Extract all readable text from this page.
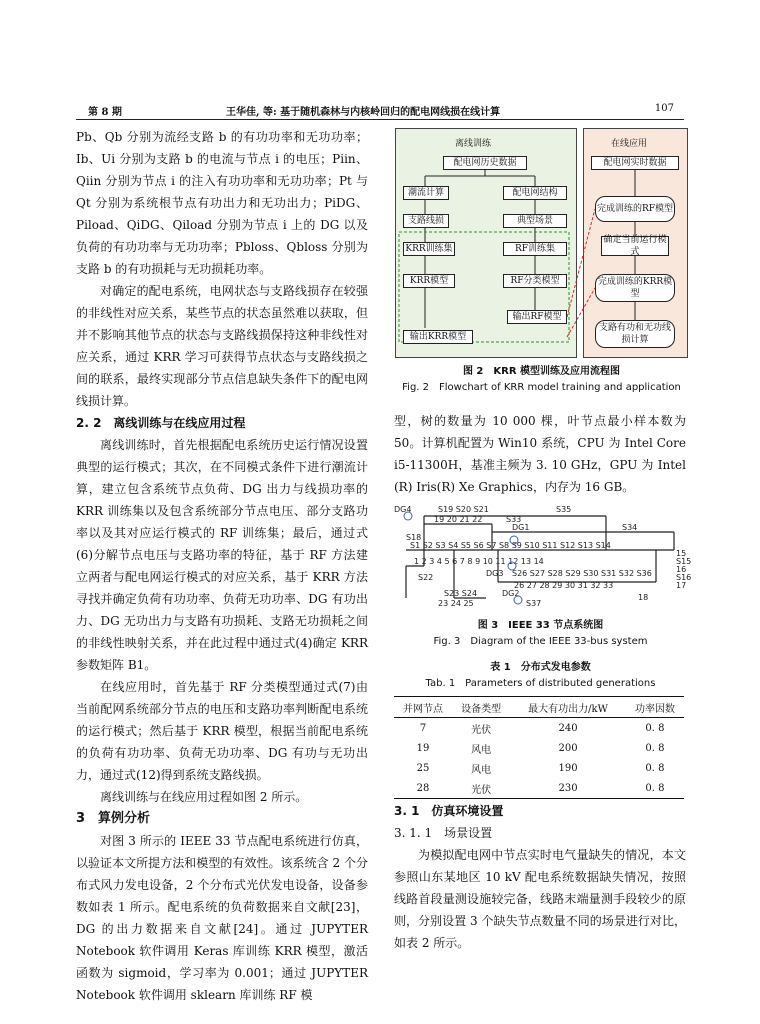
第 8 期	王华佳, 等: 基于随机森林与内核岭回归的配电网线损在线计算	107

Pb、Qb 分别为流经支路 b 的有功功率和无功功率；Ib、Ui 分别为支路 b 的电流与节点 i 的电压；Piin、Qiin 分别为节点 i 的注入有功功率和无功功率；Pt 与 Qt 分别为系统根节点有功出力和无功出力；PiDG、Piload、QiDG、Qiload 分别为节点 i 上的 DG 以及负荷的有功功率与无功功率；Pbloss、Qbloss 分别为支路 b 的有功损耗与无功损耗功率。

对确定的配电系统，电网状态与支路线损存在较强的非线性对应关系，某些节点的状态虽然难以获取，但并不影响其他节点的状态与支路线损保持这种非线性对应关系，通过 KRR 学习可获得节点状态与支路线损之间的联系，最终实现部分节点信息缺失条件下的配电网线损计算。

2. 2　离线训练与在线应用过程

离线训练时，首先根据配电系统历史运行情况设置典型的运行模式；其次，在不同模式条件下进行潮流计算，建立包含系统节点负荷、DG 出力与线损功率的 KRR 训练集以及包含系统部分节点电压、部分支路功率以及其对应运行模式的 RF 训练集；最后，通过式(6)分解节点电压与支路功率的特征，基于 RF 方法建立两者与配电网运行模式的对应关系，基于 KRR 方法寻找并确定负荷有功功率、负荷无功功率、DG 有功出力、DG 无功出力与支路有功损耗、支路无功损耗之间的非线性映射关系，并在此过程中通过式(4)确定 KRR 参数矩阵 B1。

在线应用时，首先基于 RF 分类模型通过式(7)由当前配网系统部分节点的电压和支路功率判断配电系统的运行模式；然后基于 KRR 模型，根据当前配电系统的负荷有功功率、负荷无功功率、DG 有功与无功出力，通过式(12)得到系统支路线损。

离线训练与在线应用过程如图 2 所示。

3　算例分析

对图 3 所示的 IEEE 33 节点配电系统进行仿真，以验证本文所提方法和模型的有效性。该系统含 2 个分布式风力发电设备，2 个分布式光伏发电设备，设备参数如表 1 所示。配电系统的负荷数据来自文献[23]，DG 的出力数据来自文献[24]。通过 JUPYTER Notebook 软件调用 Keras 库训练 KRR 模型，激活函数为 sigmoid，学习率为 0.001；通过 JUPYTER Notebook 软件调用 sklearn 库训练 RF 模

离线训练	在线应用
配电网历史数据
潮流计算	配电网结构
支路线损	典型场景
KRR训练集	RF训练集
KRR模型	RF分类模型
输出RF模型
输出KRR模型
配电网实时数据
完成训练的RF模型
确定当前运行模式
完成训练的KRR模型
支路有功和无功线损计算
图 2　KRR 模型训练及应用流程图
Fig. 2　Flowchart of KRR model training and application

型，树的数量为 10 000 棵，叶节点最小样本数为 50。计算机配置为 Win10 系统，CPU 为 Intel Core i5-11300H，基准主频为 3. 10 GHz，GPU 为 Intel (R) Iris(R) Xe Graphics，内存为 16 GB。

DG4	S19 S20 S21	S35
19 20 21 22	S33
DG1	S34
S18
S1 S2 S3 S4 S5 S6 S7 S8 S9 S10 S11 S12 S13 S14
1 2 3 4 5 6 7 8 9 10 11 12 13 14
15
S22	DG3 S26 S27 S28 S29 S30 S31 S32 S36
26 27 28 29 30 31 32 33
S23 S24	DG2
23 24 25	S37
S15
16
S16
17
18
图 3　IEEE 33 节点系统图
Fig. 3　Diagram of the IEEE 33-bus system
表 1　分布式发电参数
Tab. 1　Parameters of distributed generations
并网节点	设备类型	最大有功出力/kW	功率因数
7	光伏	240	0. 8
19	风电	200	0. 8
25	风电	190	0. 8
28	光伏	230	0. 8

3. 1　仿真环境设置

3. 1. 1　场景设置

为模拟配电网中节点实时电气量缺失的情况，本文参照山东某地区 10 kV 配电系统数据缺失情况，按照线路首段量测设施较完备，线路末端量测手段较少的原则，分别设置 3 个缺失节点数量不同的场景进行对比，如表 2 所示。
